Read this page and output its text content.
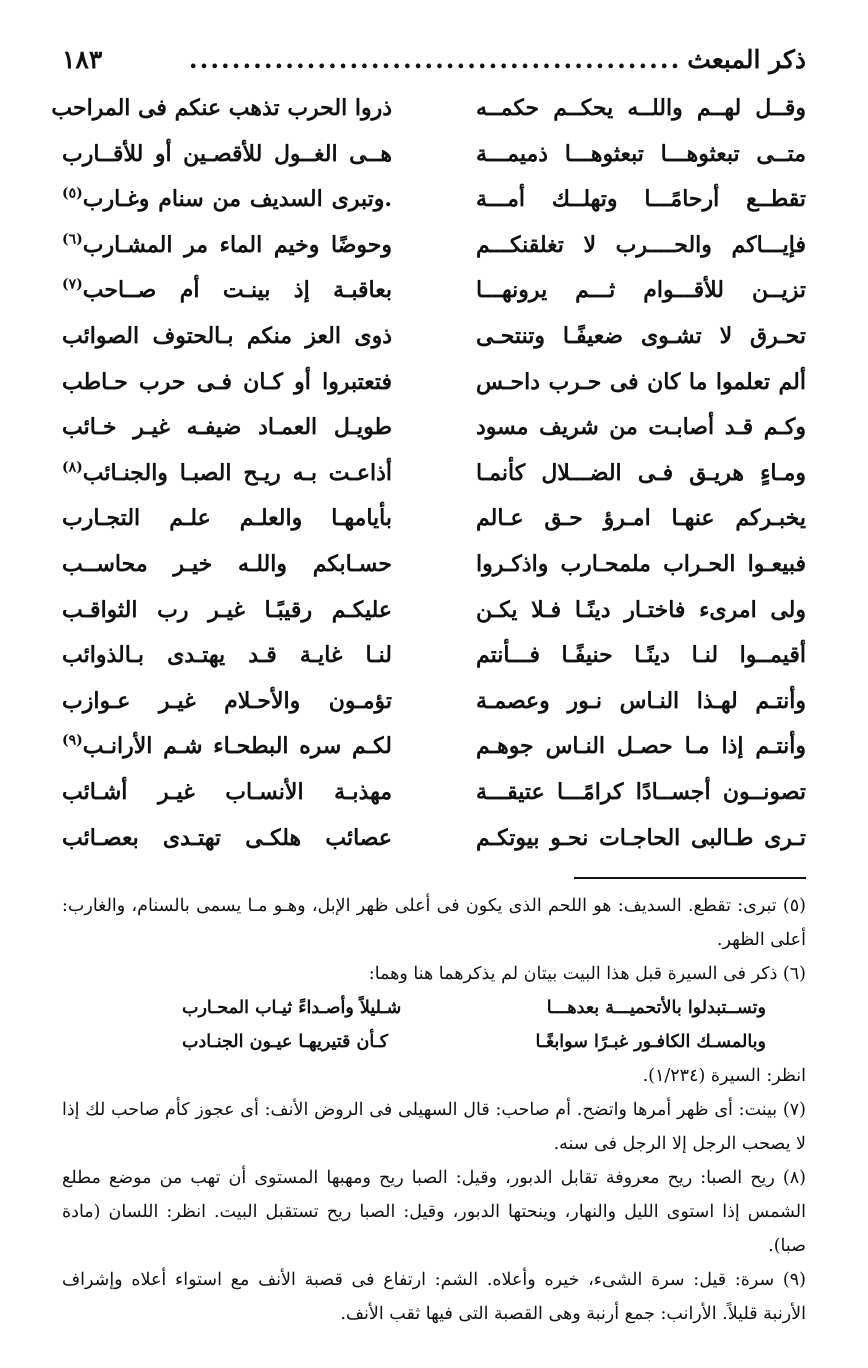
ذكر المبعث
..............................................
١٨٣
وقــل لهــم واللــه يحكــم حكمــه
ذروا الحرب تذهب عنكم فى المراحب
متــى تبعثوهـــا تبعثوهـــا ذميمـــة
هــى الغــول للأقصـين أو للأقــارب
تقطــع أرحامًـــا وتهلــك أمـــة
.وتبرى السديف من سنام وغـارب$^{(٥)}$
فإيـــاكم والحــــرب لا تغلقنكـــم
وحوضًا وخيم الماء مر المشـارب$^{(٦)}$
تزيــن للأقـــوام ثـــم يرونهـــا
بعاقبـة إذ بينـت أم صــاحب$^{(٧)}$
تحـرق لا تشـوى ضعيفًـا وتنتحـى
ذوى العز منكم بـالحتوف الصوائب
ألم تعلموا ما كان فى حـرب داحـس
فتعتبروا أو كـان فـى حرب حـاطب
وكـم قـد أصابـت من شريف مسود
طويـل العمـاد ضيفـه غيـر خـائب
ومـاءٍ هريـق فـى الضـــلال كأنمـا
أذاعـت بـه ريـح الصبـا والجنـائب$^{(٨)}$
يخبـركم عنهـا امـرؤ حـق عـالم
بأيامهـا والعلـم علـم التجـارب
فبيعـوا الحـراب ملمحـارب واذكـروا
حسـابكم واللـه خيـر محاســب
ولى امرىء فاختـار دينًـا فـلا يكـن
عليكـم رقيبًـا غيـر رب الثواقـب
أقيمــوا لنـا دينًـا حنيفًـا فـــأنتم
لنـا غايـة قـد يهتـدى بـالذوائب
وأنتـم لهـذا النـاس نـور وعصمـة
تؤمـون والأحـلام غيـر عـوازب
وأنتـم إذا مـا حصـل النـاس جوهـم
لكـم سره البطحـاء شـم الأرانـب$^{(٩)}$
تصونــون أجســادًا كرامًـــا عتيقـــة
مهذبـة الأنسـاب غيـر أشـائب
تـرى طـالبى الحاجـات نحـو بيوتكـم
عصائب هلكـى تهتـدى بعصـائب
(٥) تبرى: تقطع. السديف: هو اللحم الذى يكون فى أعلى ظهر الإبل، وهـو مـا يسمى بالسنام، والغارب: أعلى الظهر.
(٦) ذكر فى السيرة قبل هذا البيت بيتان لم يذكرهما هنا وهما:
وتســتبدلوا بالأتحميـــة بعدهـــا
شـليلاً وأصـداءً ثيـاب المحـارب
وبالمسـك الكافـور غبـرًا سوابغًـا
كـأن قتيريهـا عيـون الجنـادب
انظر: السيرة (١/٢٣٤).
(٧) بينت: أى ظهر أمرها واتضح. أم صاحب: قال السهيلى فى الروض الأنف: أى عجوز كأم صاحب لك إذا لا يصحب الرجل إلا الرجل فى سنه.
(٨) ريح الصبا: ريح معروفة تقابل الدبور، وقيل: الصبا ريح ومهبها المستوى أن تهب من موضع مطلع الشمس إذا استوى الليل والنهار، وينحتها الدبور، وقيل: الصبا ريح تستقبل البيت. انظر: اللسان (مادة صبا).
(٩) سرة: قيل: سرة الشىء، خيره وأعلاه. الشم: ارتفاع فى قصبة الأنف مع استواء أعلاه وإشراف الأرنبة قليلاً. الأرانب: جمع أرنبة وهى القصبة التى فيها ثقب الأنف.
